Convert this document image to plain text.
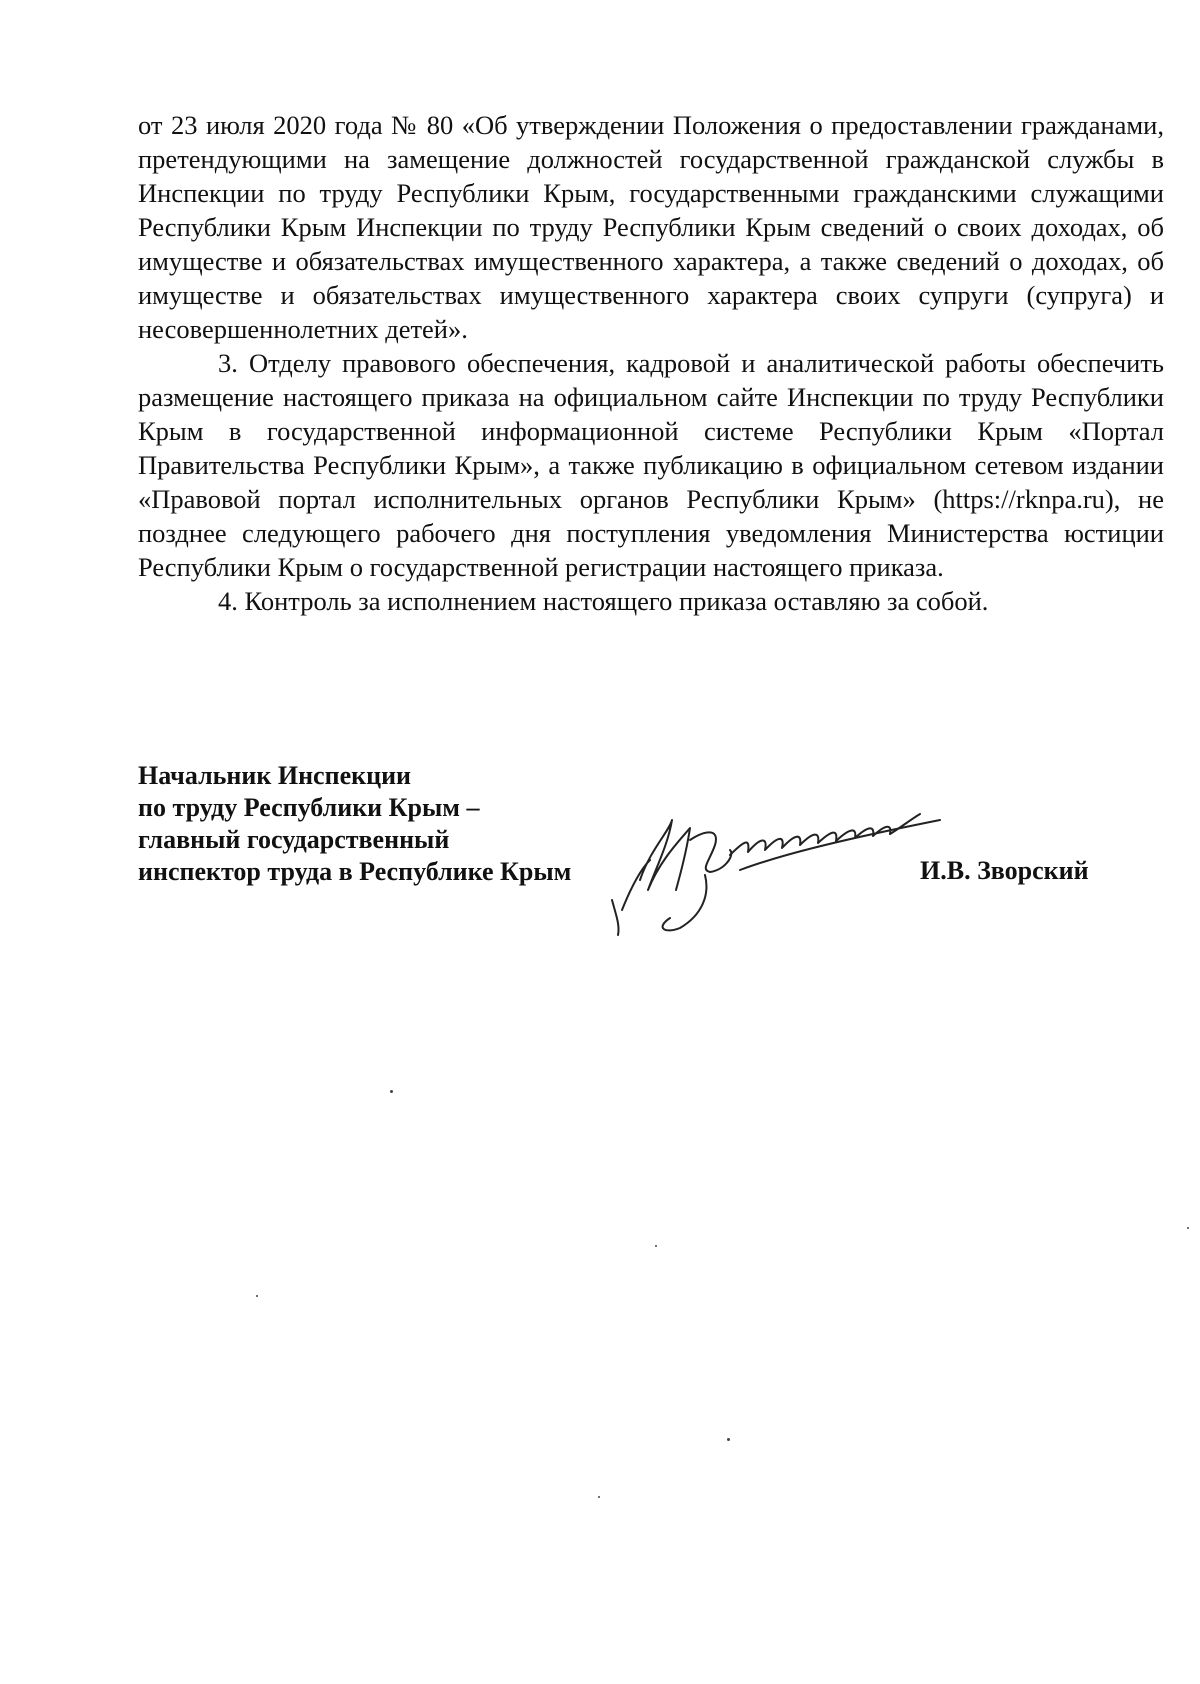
от 23 июля 2020 года № 80 «Об утверждении Положения о предоставлении гражданами, претендующими на замещение должностей государственной гражданской службы в Инспекции по труду Республики Крым, государственными гражданскими служащими Республики Крым Инспекции по труду Республики Крым сведений о своих доходах, об имуществе и обязательствах имущественного характера, а также сведений о доходах, об имуществе и обязательствах имущественного характера своих супруги (супруга) и несовершеннолетних детей».

3. Отделу правового обеспечения, кадровой и аналитической работы обеспечить размещение настоящего приказа на официальном сайте Инспекции по труду Республики Крым в государственной информационной системе Республики Крым «Портал Правительства Республики Крым», а также публикацию в официальном сетевом издании «Правовой портал исполнительных органов Республики Крым» (https://rknpa.ru), не позднее следующего рабочего дня поступления уведомления Министерства юстиции Республики Крым о государственной регистрации настоящего приказа.

4. Контроль за исполнением настоящего приказа оставляю за собой.

Начальник Инспекции
по труду Республики Крым –
главный государственный
инспектор труда в Республике Крым	И.В. Зворский
